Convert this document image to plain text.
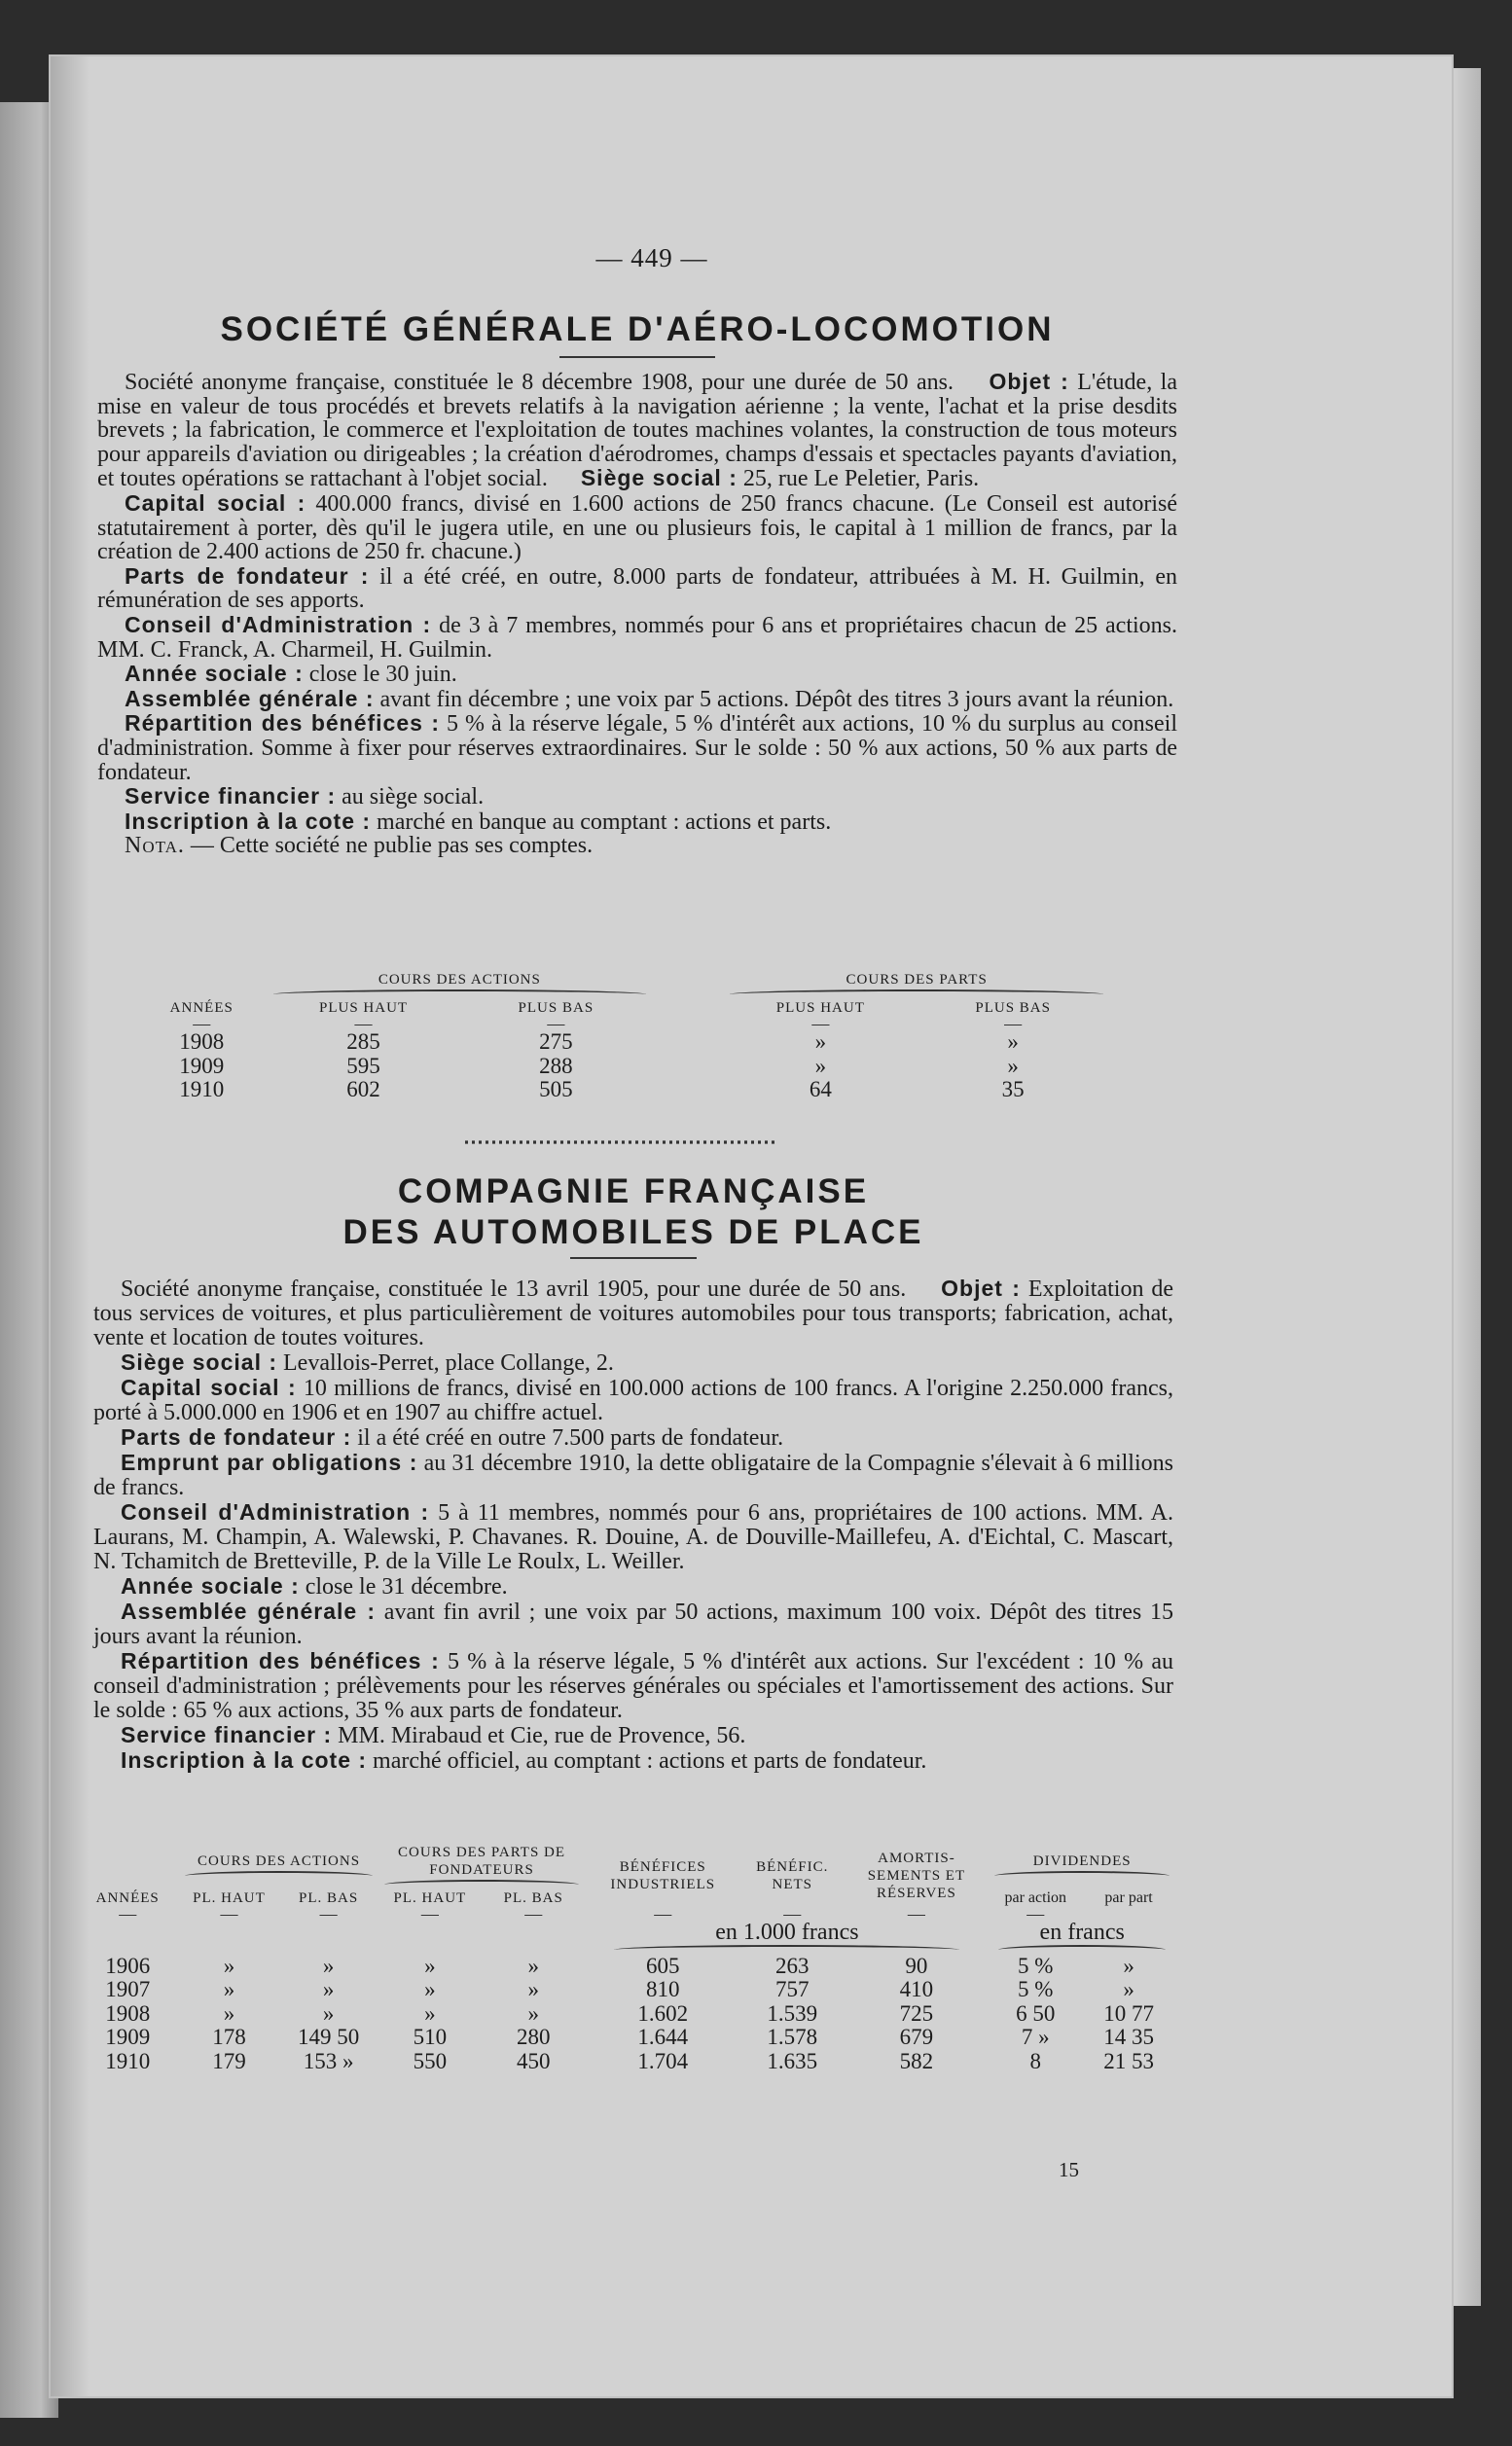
— 449 —
SOCIÉTÉ GÉNÉRALE D'AÉRO-LOCOMOTION

Société anonyme française, constituée le 8 décembre 1908, pour une durée de 50 ans. Objet : L'étude, la mise en valeur de tous procédés et brevets relatifs à la navigation aérienne ; la vente, l'achat et la prise desdits brevets ; la fabrication, le commerce et l'exploitation de toutes machines volantes, la construction de tous moteurs pour appareils d'aviation ou dirigeables ; la création d'aérodromes, champs d'essais et spectacles payants d'aviation, et toutes opérations se rattachant à l'objet social. Siège social : 25, rue Le Peletier, Paris.
Capital social : 400.000 francs, divisé en 1.600 actions de 250 francs chacune. (Le Conseil est autorisé statutairement à porter, dès qu'il le jugera utile, en une ou plusieurs fois, le capital à 1 million de francs, par la création de 2.400 actions de 250 fr. chacune.)
Parts de fondateur : il a été créé, en outre, 8.000 parts de fondateur, attribuées à M. H. Guilmin, en rémunération de ses apports.
Conseil d'Administration : de 3 à 7 membres, nommés pour 6 ans et propriétaires chacun de 25 actions. MM. C. Franck, A. Charmeil, H. Guilmin.
Année sociale : close le 30 juin.
Assemblée générale : avant fin décembre ; une voix par 5 actions. Dépôt des titres 3 jours avant la réunion.
Répartition des bénéfices : 5 % à la réserve légale, 5 % d'intérêt aux actions, 10 % du surplus au conseil d'administration. Somme à fixer pour réserves extraordinaires. Sur le solde : 50 % aux actions, 50 % aux parts de fondateur.
Service financier : au siège social.
Inscription à la cote : marché en banque au comptant : actions et parts.
Nota. — Cette société ne publie pas ses comptes.

	COURS DES ACTIONS			COURS DES PARTS	

ANNÉES	PLUS HAUT	PLUS BAS		PLUS HAUT	PLUS BAS
—	—	—		—	—
1908	285	275		»	»
1909	595	288		»	»
1910	602	505		64	35
COMPAGNIE FRANÇAISE
DES AUTOMOBILES DE PLACE

Société anonyme française, constituée le 13 avril 1905, pour une durée de 50 ans. Objet : Exploitation de tous services de voitures, et plus particulièrement de voitures automobiles pour tous transports; fabrication, achat, vente et location de toutes voitures.
Siège social : Levallois-Perret, place Collange, 2.
Capital social : 10 millions de francs, divisé en 100.000 actions de 100 francs. A l'origine 2.250.000 francs, porté à 5.000.000 en 1906 et en 1907 au chiffre actuel.
Parts de fondateur : il a été créé en outre 7.500 parts de fondateur.
Emprunt par obligations : au 31 décembre 1910, la dette obligataire de la Compagnie s'élevait à 6 millions de francs.
Conseil d'Administration : 5 à 11 membres, nommés pour 6 ans, propriétaires de 100 actions. MM. A. Laurans, M. Champin, A. Walewski, P. Chavanes. R. Douine, A. de Douville-Maillefeu, A. d'Eichtal, C. Mascart, N. Tchamitch de Bretteville, P. de la Ville Le Roulx, L. Weiller.
Année sociale : close le 31 décembre.
Assemblée générale : avant fin avril ; une voix par 50 actions, maximum 100 voix. Dépôt des titres 15 jours avant la réunion.
Répartition des bénéfices : 5 % à la réserve légale, 5 % d'intérêt aux actions. Sur l'excédent : 10 % au conseil d'administration ; prélèvements pour les réserves générales ou spéciales et l'amortissement des actions. Sur le solde : 65 % aux actions, 35 % aux parts de fondateur.
Service financier : MM. Mirabaud et Cie, rue de Provence, 56.
Inscription à la cote : marché officiel, au comptant : actions et parts de fondateur.

	COURS DES ACTIONS		COURS DES PARTS DE FONDATEURS		BÉNÉFICES INDUSTRIELS	BÉNÉFIC. NETS	AMORTIS-SEMENTS ET RÉSERVES	DIVIDENDES	

ANNÉES	PL. HAUT	PL. BAS	PL. HAUT	PL. BAS				par action	par part
—	—	—	—	—	—	—	—	—	
					en 1.000 francs			en francs	

1906	»	»	»	»	605	263	90	5 %	»
1907	»	»	»	»	810	757	410	5 %	»
1908	»	»	»	»	1.602	1.539	725	6 50	10 77
1909	178	149 50	510	280	1.644	1.578	679	7 »	14 35
1910	179	153 »	550	450	1.704	1.635	582	8	21 53
15
